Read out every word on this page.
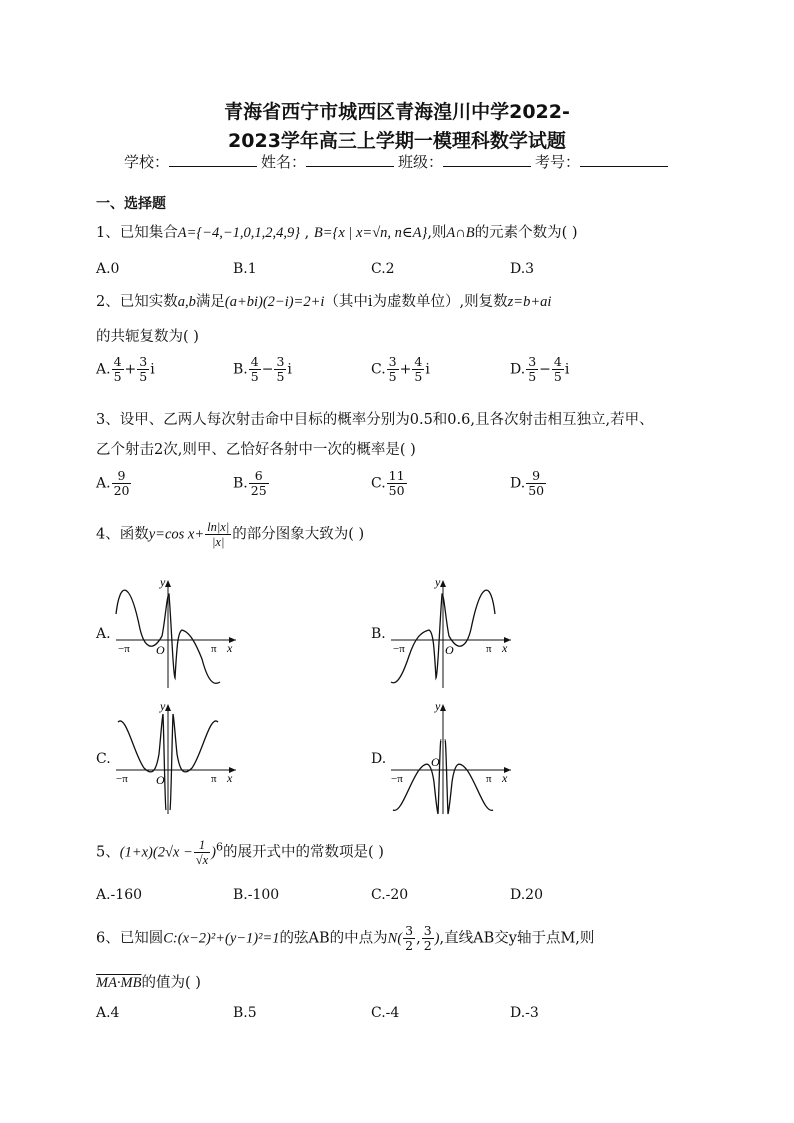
青海省西宁市城西区青海湟川中学2022-
2023学年高三上学期一模理科数学试题
学校：	姓名：	班级：	考号：
一、选择题
1、已知集合A={−4,−1,0,1,2,4,9} , B={x | x=√n, n∈A},则A∩B的元素个数为( )
A.0	B.1	C.2	D.3
2、已知实数a,b满足(a+bi)(2−i)=2+i（其中i为虚数单位）,则复数z=b+ai
的共轭复数为( )
A. $\frac{4}{5} + \frac{3}{5}$ i	B. $\frac{4}{5} - \frac{3}{5}$ i	C. $\frac{3}{5} + \frac{4}{5}$ i	D. $\frac{3}{5} - \frac{4}{5}$ i
3、设甲、乙两人每次射击命中目标的概率分别为0.5和0.6,且各次射击相互独立,若甲、
乙个射击2次,则甲、乙恰好各射中一次的概率是( )
A. $\frac{9}{20}$	B. $\frac{6}{25}$	C. $\frac{11}{50}$	D. $\frac{9}{50}$
4、函数y=cos $x+ \frac{\ln|x|}{|x|}$ 的部分图象大致为( )
A.
y
x
O
−π	π
B.
y
x
O
−π	π
C.
y
x
O
−π	π
D.
y
x
O
−π	π
5、$(1+x)(2√x - \frac{1}{√x} )^6$的展开式中的常数项是( )
A.-160	B.-100	C.-20	D.20
6、已知圆C:(x−2)²+(y−1)²=1的弦AB的中点为$N( \frac{3}{2}$ , $\frac{3}{2}$ ),直线AB交y轴于点M,则
MA·MB的值为( )
A.4	B.5	C.-4	D.-3
